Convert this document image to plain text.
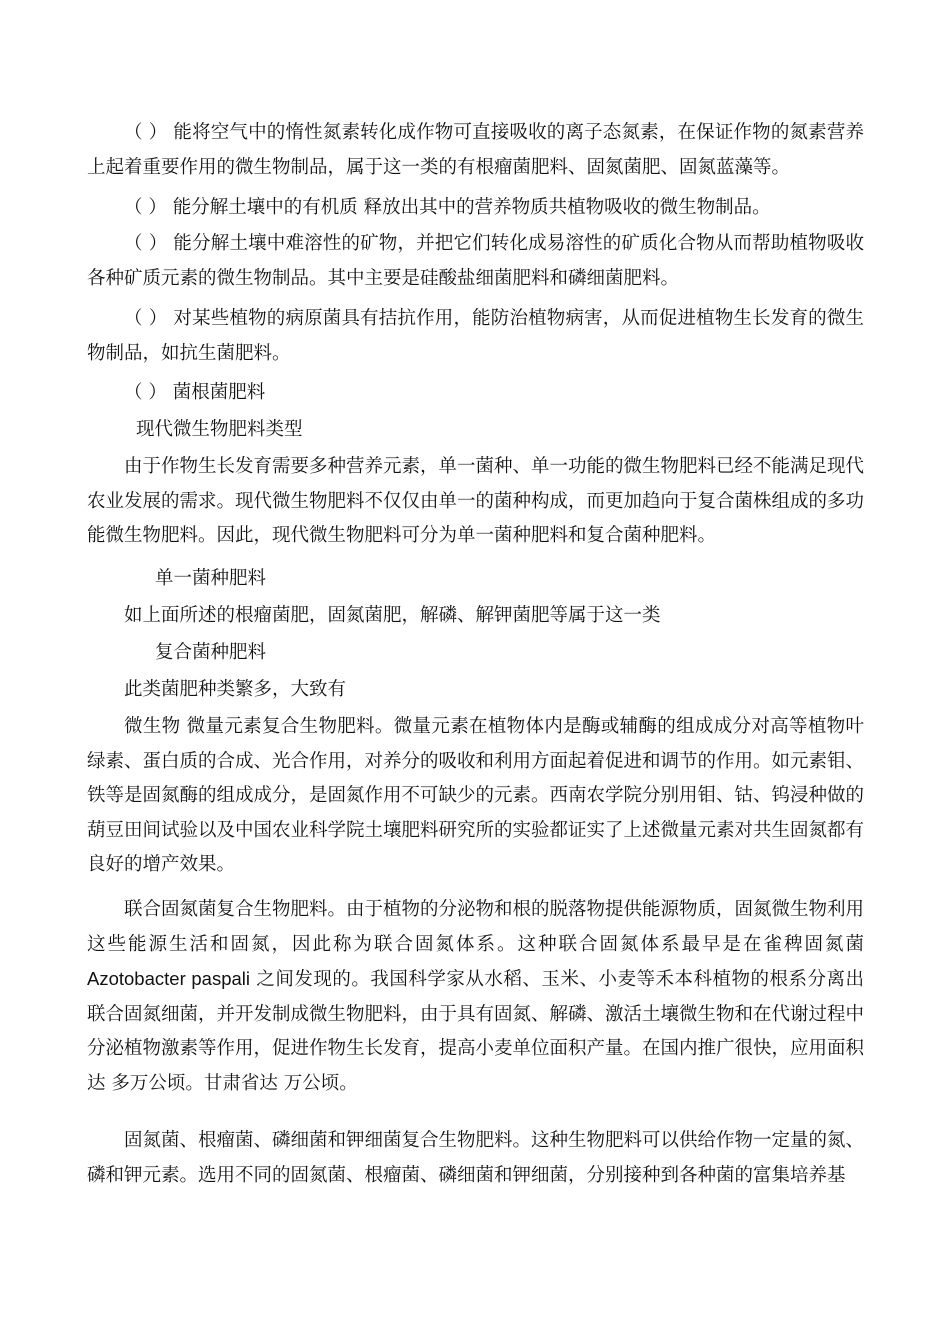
（ ） 能将空气中的惰性氮素转化成作物可直接吸收的离子态氮素，在保证作物的氮素营养上起着重要作用的微生物制品，属于这一类的有根瘤菌肥料、固氮菌肥、固氮蓝藻等。

（ ） 能分解土壤中的有机质 释放出其中的营养物质共植物吸收的微生物制品。

（ ） 能分解土壤中难溶性的矿物，并把它们转化成易溶性的矿质化合物从而帮助植物吸收各种矿质元素的微生物制品。其中主要是硅酸盐细菌肥料和磷细菌肥料。

（ ） 对某些植物的病原菌具有拮抗作用，能防治植物病害，从而促进植物生长发育的微生物制品，如抗生菌肥料。

（ ） 菌根菌肥料

现代微生物肥料类型

由于作物生长发育需要多种营养元素，单一菌种、单一功能的微生物肥料已经不能满足现代农业发展的需求。现代微生物肥料不仅仅由单一的菌种构成，而更加趋向于复合菌株组成的多功能微生物肥料。因此，现代微生物肥料可分为单一菌种肥料和复合菌种肥料。

单一菌种肥料

如上面所述的根瘤菌肥，固氮菌肥，解磷、解钾菌肥等属于这一类

复合菌种肥料

此类菌肥种类繁多，大致有

微生物 微量元素复合生物肥料。微量元素在植物体内是酶或辅酶的组成成分对高等植物叶绿素、蛋白质的合成、光合作用，对养分的吸收和利用方面起着促进和调节的作用。如元素钼、铁等是固氮酶的组成成分，是固氮作用不可缺少的元素。西南农学院分别用钼、钴、钨浸种做的葫豆田间试验以及中国农业科学院土壤肥料研究所的实验都证实了上述微量元素对共生固氮都有良好的增产效果。

联合固氮菌复合生物肥料。由于植物的分泌物和根的脱落物提供能源物质，固氮微生物利用这些能源生活和固氮，因此称为联合固氮体系。这种联合固氮体系最早是在雀稗固氮菌Azotobacter paspali 之间发现的。我国科学家从水稻、玉米、小麦等禾本科植物的根系分离出联合固氮细菌，并开发制成微生物肥料，由于具有固氮、解磷、激活土壤微生物和在代谢过程中分泌植物激素等作用，促进作物生长发育，提高小麦单位面积产量。在国内推广很快，应用面积达 多万公顷。甘肃省达 万公顷。

固氮菌、根瘤菌、磷细菌和钾细菌复合生物肥料。这种生物肥料可以供给作物一定量的氮、磷和钾元素。选用不同的固氮菌、根瘤菌、磷细菌和钾细菌，分别接种到各种菌的富集培养基
